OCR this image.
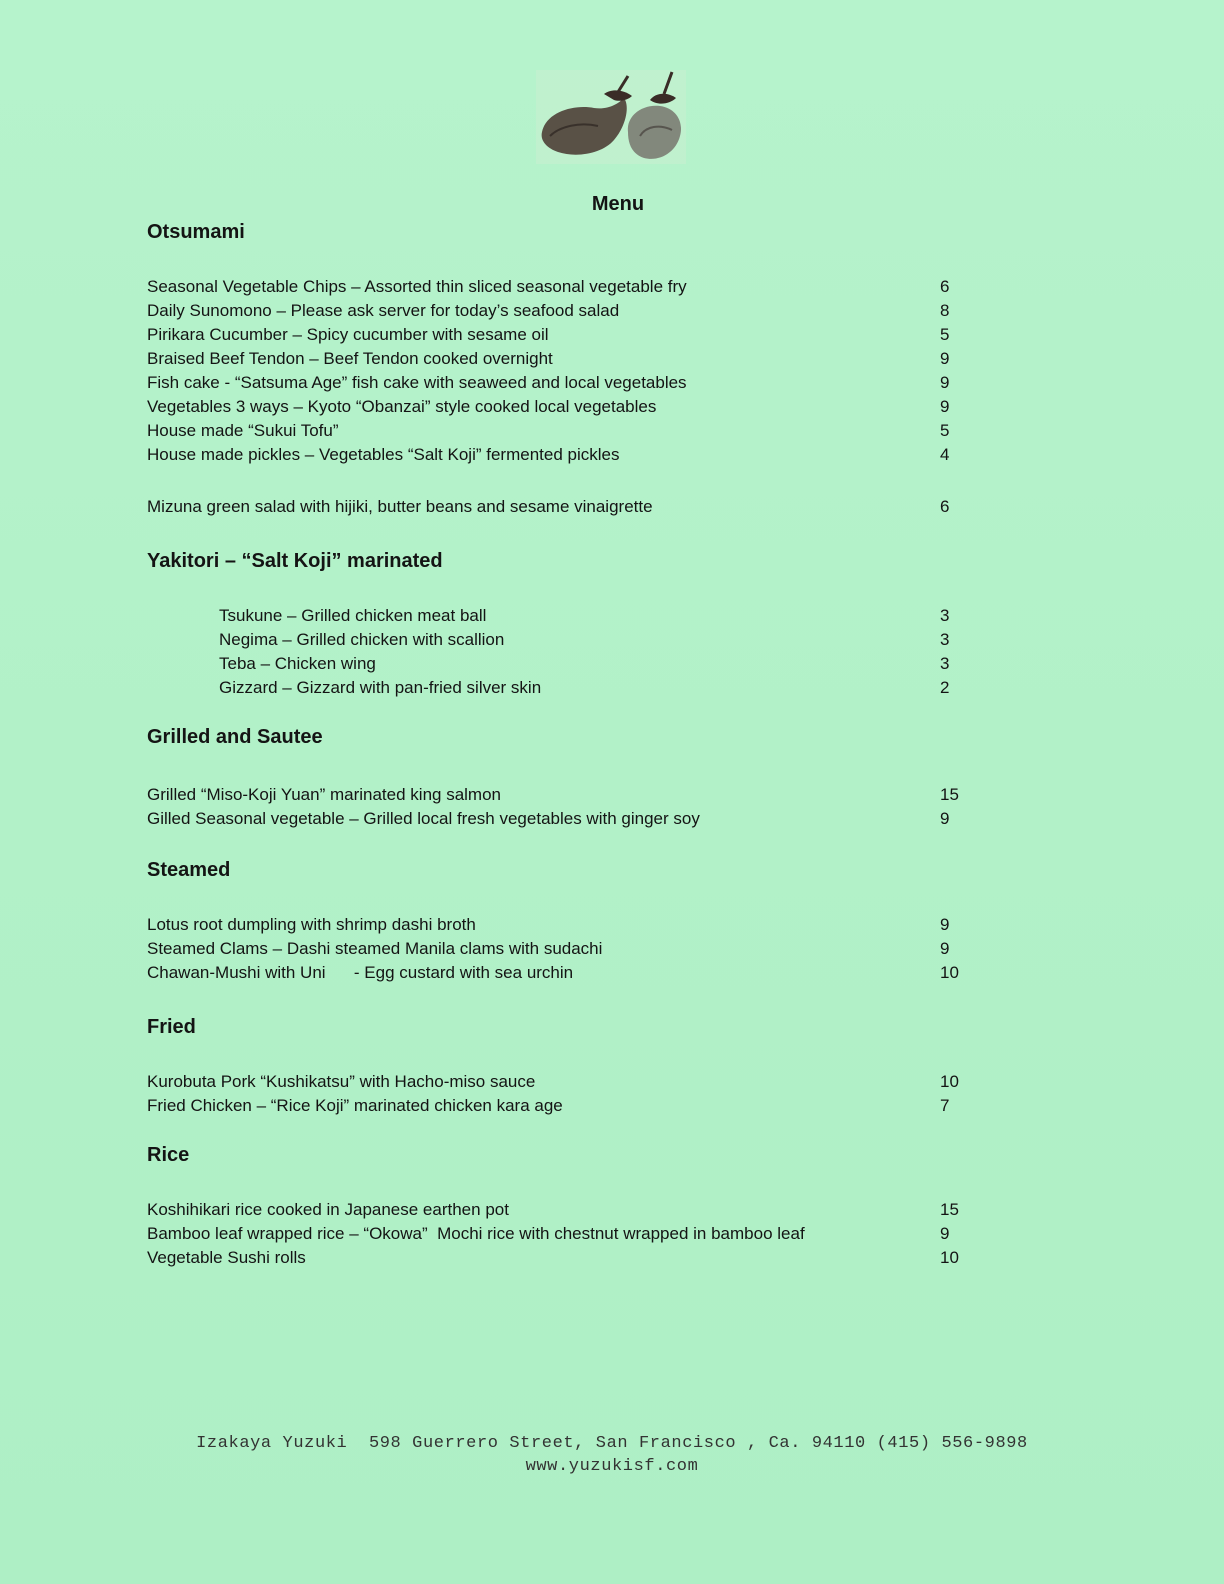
Menu
Otsumami
Seasonal Vegetable Chips – Assorted thin sliced seasonal vegetable fry	6
Daily Sunomono – Please ask server for today’s seafood salad	8
Pirikara Cucumber – Spicy cucumber with sesame oil	5
Braised Beef Tendon – Beef Tendon cooked overnight	9
Fish cake - “Satsuma Age” fish cake with seaweed and local vegetables	9
Vegetables 3 ways – Kyoto “Obanzai” style cooked local vegetables	9
House made “Sukui Tofu”	5
House made pickles – Vegetables “Salt Koji” fermented pickles	4
Mizuna green salad with hijiki, butter beans and sesame vinaigrette	6
Yakitori – “Salt Koji” marinated
Tsukune – Grilled chicken meat ball	3
Negima – Grilled chicken with scallion	3
Teba – Chicken wing	3
Gizzard – Gizzard with pan-fried silver skin	2
Grilled and Sautee
Grilled “Miso-Koji Yuan” marinated king salmon	15
Gilled Seasonal vegetable – Grilled local fresh vegetables with ginger soy	9
Steamed
Lotus root dumpling with shrimp dashi broth	9
Steamed Clams – Dashi steamed Manila clams with sudachi	9
Chawan-Mushi with Uni      - Egg custard with sea urchin	10
Fried
Kurobuta Pork “Kushikatsu” with Hacho-miso sauce	10
Fried Chicken – “Rice Koji” marinated chicken kara age	7
Rice
Koshihikari rice cooked in Japanese earthen pot	15
Bamboo leaf wrapped rice – “Okowa”  Mochi rice with chestnut wrapped in bamboo leaf	9
Vegetable Sushi rolls	10
Izakaya Yuzuki  598 Guerrero Street, San Francisco , Ca. 94110 (415) 556-9898
www.yuzukisf.com
